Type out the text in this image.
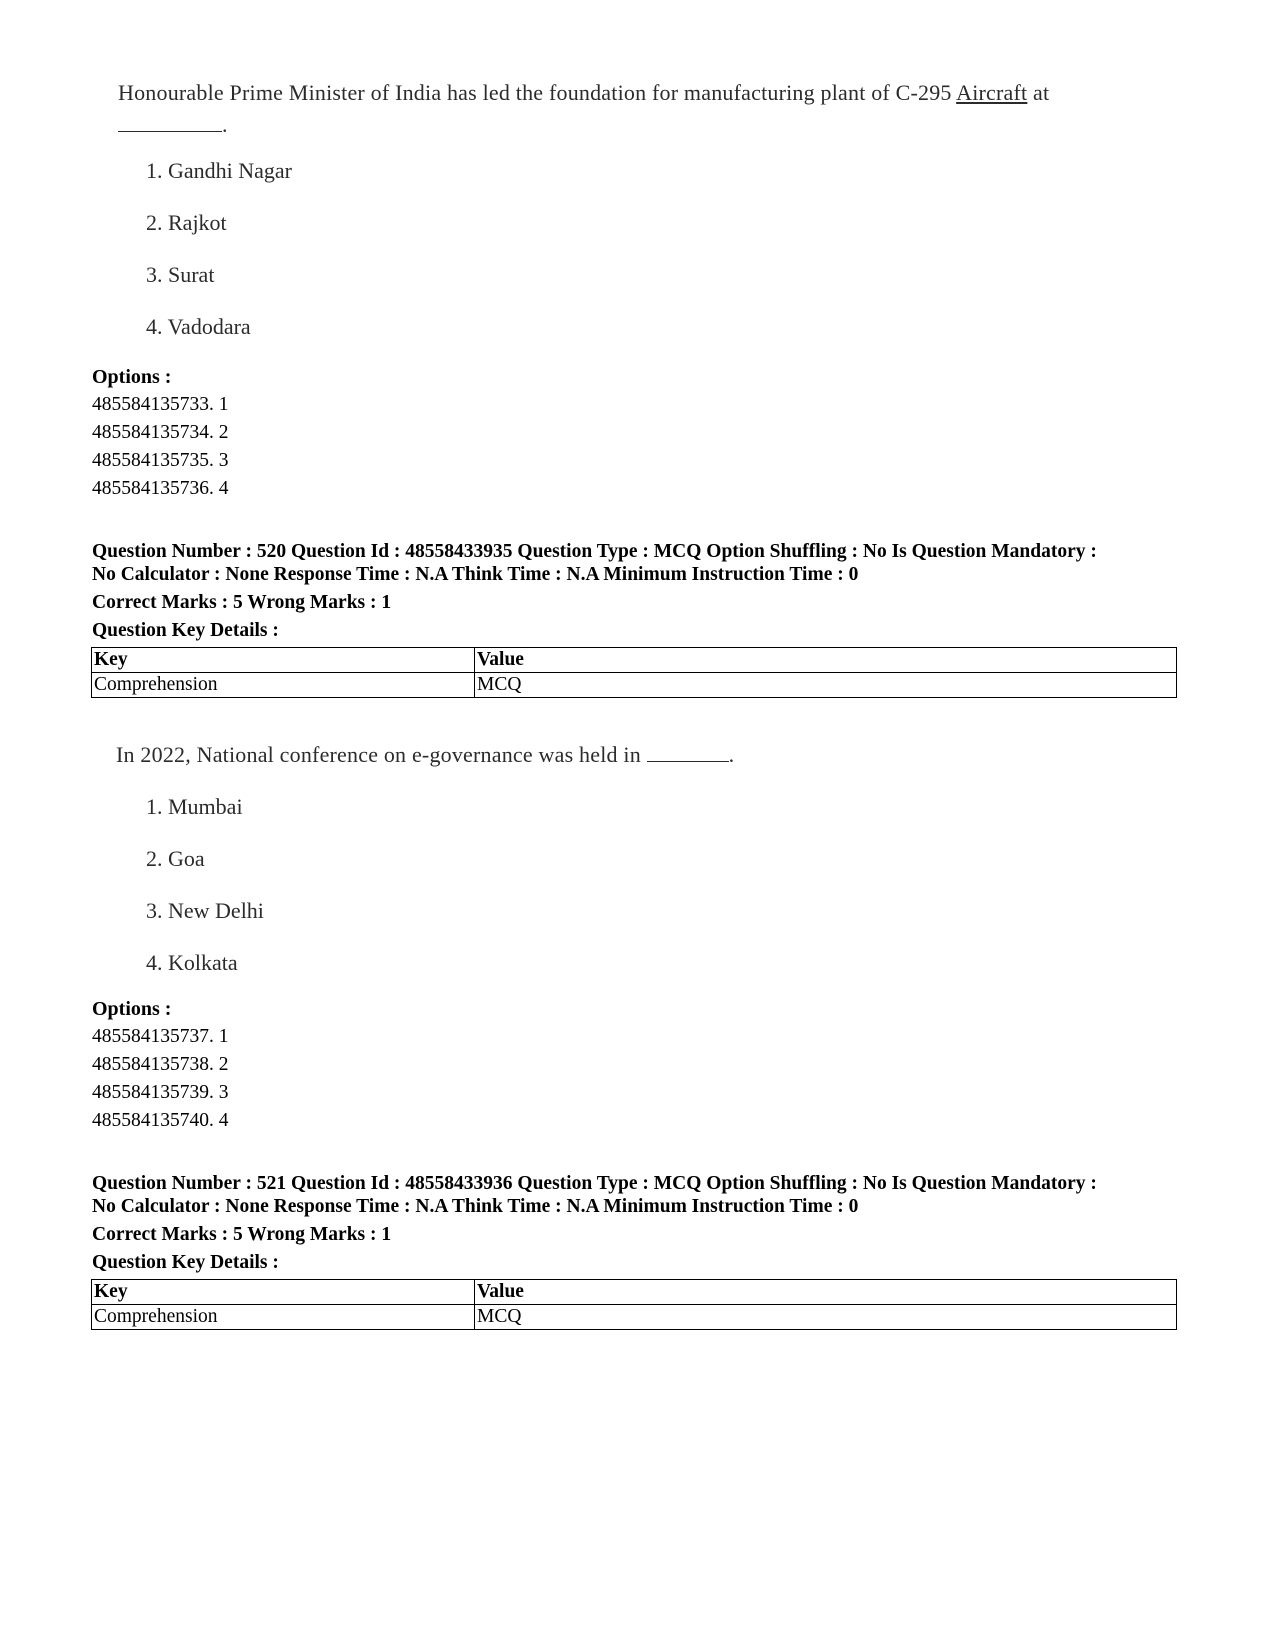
Honourable Prime Minister of India has led the foundation for manufacturing plant of C-295 Aircraft at
.
1. Gandhi Nagar
2. Rajkot
3. Surat
4. Vadodara
Options :
485584135733. 1
485584135734. 2
485584135735. 3
485584135736. 4
Question Number : 520 Question Id : 48558433935 Question Type : MCQ Option Shuffling : No Is Question Mandatory :
No Calculator : None Response Time : N.A Think Time : N.A Minimum Instruction Time : 0
Correct Marks : 5 Wrong Marks : 1
Question Key Details :
Key	Value
Comprehension	MCQ
In 2022, National conference on e-governance was held in	.
1. Mumbai
2. Goa
3. New Delhi
4. Kolkata
Options :
485584135737. 1
485584135738. 2
485584135739. 3
485584135740. 4
Question Number : 521 Question Id : 48558433936 Question Type : MCQ Option Shuffling : No Is Question Mandatory :
No Calculator : None Response Time : N.A Think Time : N.A Minimum Instruction Time : 0
Correct Marks : 5 Wrong Marks : 1
Question Key Details :
Key	Value
Comprehension	MCQ
